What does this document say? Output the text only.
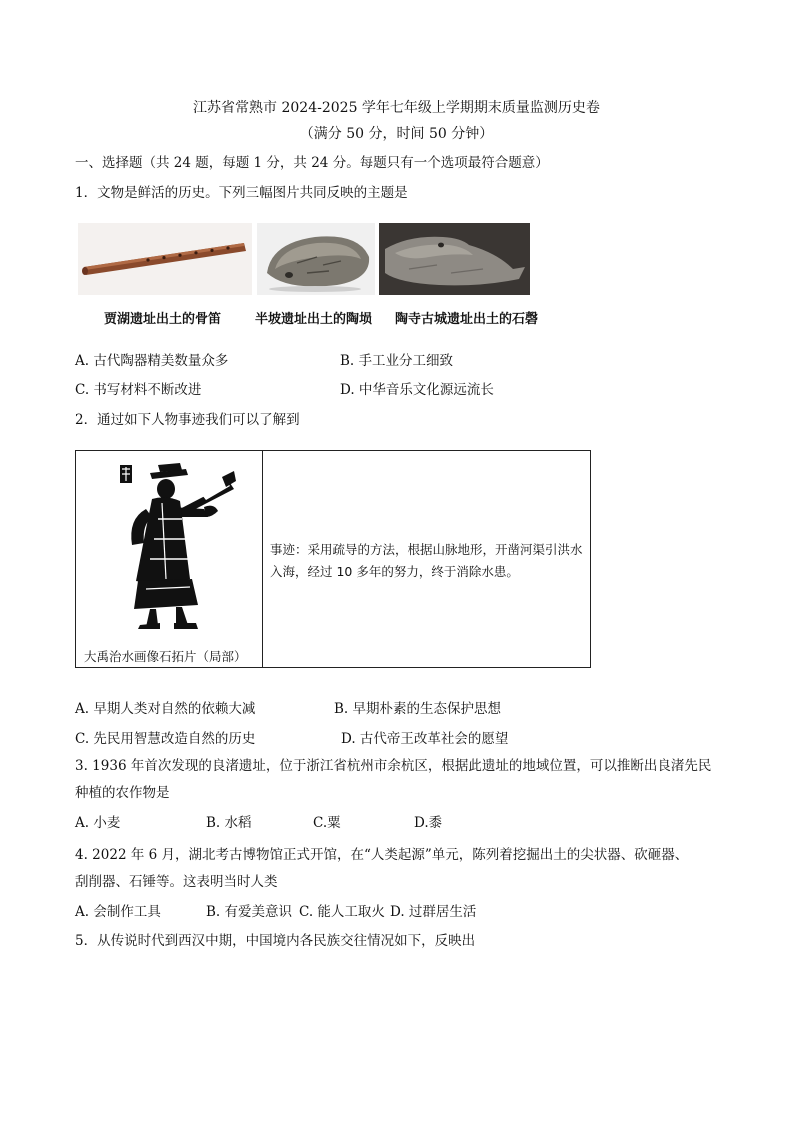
江苏省常熟市 2024-2025 学年七年级上学期期末质量监测历史卷
（满分 50 分，时间 50 分钟）
一、选择题（共 24 题，每题 1 分，共 24 分。每题只有一个选项最符合题意）
1．文物是鲜活的历史。下列三幅图片共同反映的主题是
贾湖遗址出土的骨笛	半坡遗址出土的陶埙 陶寺古城遗址出土的石磬
A. 古代陶器精美数量众多	B. 手工业分工细致
C. 书写材料不断改进	D. 中华音乐文化源远流长
2．通过如下人物事迹我们可以了解到
大禹治水画像石拓片（局部）
事迹：采用疏导的方法，根据山脉地形，开凿河渠引洪水入海，经过 10 多年的努力，终于消除水患。
A. 早期人类对自然的依赖大减	B. 早期朴素的生态保护思想
C. 先民用智慧改造自然的历史	D. 古代帝王改革社会的愿望
3. 1936 年首次发现的良渚遗址，位于浙江省杭州市余杭区，根据此遗址的地域位置，可以推断出良渚先民
种植的农作物是
A. 小麦	B. 水稻	C.粟	D.黍
4. 2022 年 6 月，湖北考古博物馆正式开馆，在“人类起源”单元，陈列着挖掘出土的尖状器、砍砸器、
刮削器、石锤等。这表明当时人类
A. 会制作工具	B. 有爱美意识 C. 能人工取火 D. 过群居生活
5．从传说时代到西汉中期，中国境内各民族交往情况如下，反映出
